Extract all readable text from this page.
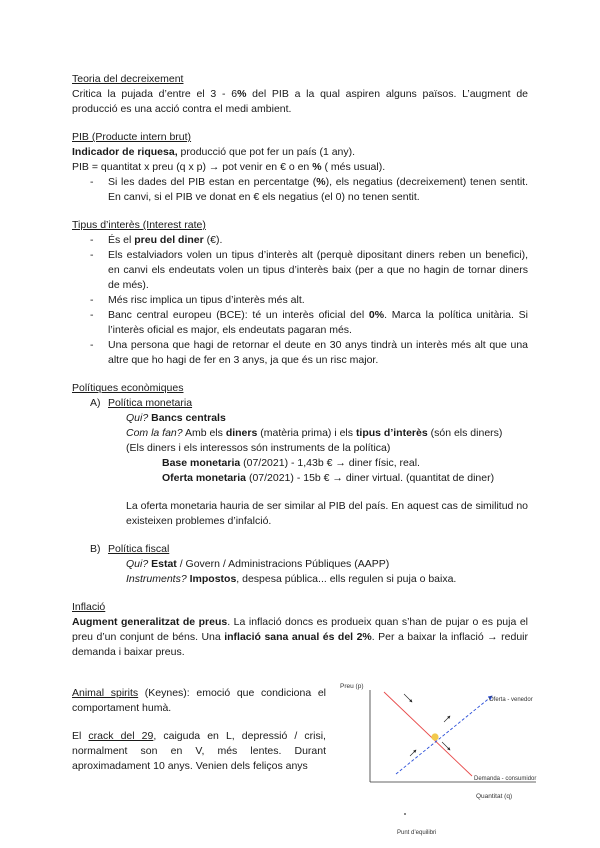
Teoria del decreixement

Critica la pujada d’entre el 3 - 6% del PIB a la qual aspiren alguns països. L’augment de producció es una acció contra el medi ambient.

PIB (Producte intern brut)

Indicador de riquesa, producció que pot fer un país (1 any).

PIB = quantitat x preu (q x p) → pot venir en € o en % ( més usual).

- Si les dades del PIB estan en percentatge (%), els negatius (decreixement) tenen sentit. En canvi, si el PIB ve donat en € els negatius (el 0) no tenen sentit.

Tipus d’interès (Interest rate)

- És el preu del diner (€).
- Els estalviadors volen un tipus d’interès alt (perquè dipositant diners reben un benefici), en canvi els endeutats volen un tipus d’interès baix (per a que no hagin de tornar diners de més).
- Més risc implica un tipus d’interès més alt.
- Banc central europeu (BCE): té un interès oficial del 0%. Marca la política unitària. Si l’interès oficial es major, els endeutats pagaran més.
- Una persona que hagi de retornar el deute en 30 anys tindrà un interès més alt que una altre que ho hagi de fer en 3 anys, ja que és un risc major.

Polítiques econòmiques

A) Política monetaria

Qui? Bancs centrals

Com la fan? Amb els diners (matèria prima) i els tipus d’interès (són els diners)

(Els diners i els interessos són instruments de la política)

Base monetaria (07/2021) - 1,43b € → diner físic, real.

Oferta monetaria (07/2021) - 15b € → diner virtual. (quantitat de diner)

La oferta monetaria hauria de ser similar al PIB del país. En aquest cas de similitud no existeixen problemes d’infalció.

B) Política fiscal

Qui? Estat / Govern / Administracions Públiques (AAPP)

Instruments? Impostos, despesa pública... ells regulen si puja o baixa.

Inflació

Augment generalitzat de preus. La inflació doncs es produeix quan s’han de pujar o es puja el preu d’un conjunt de béns. Una inflació sana anual és del 2%. Per a baixar la inflació → reduir demanda i baixar preus.

Animal spirits (Keynes): emoció que condiciona el comportament humà.

El crack del 29, caiguda en L, depressió / crisi, normalment son en V, més lentes. Durant aproximadament 10 anys. Venien dels feliços anys

Preu (p)
Quantitat (q)
Oferta - venedor
Demanda - consumidor
Punt d’equilibri
